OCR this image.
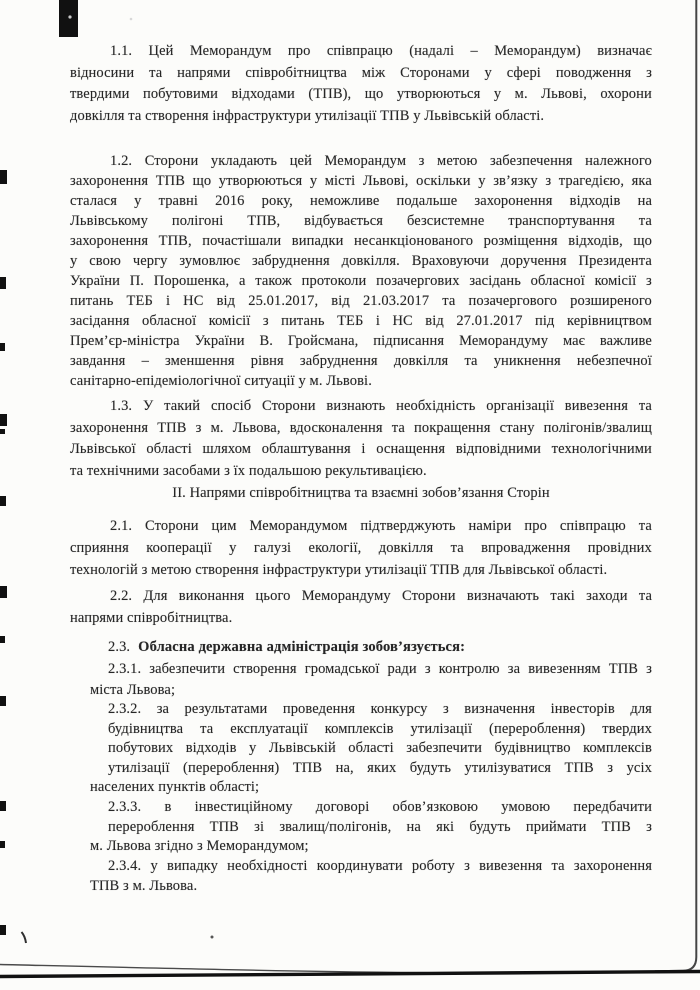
1.1. Цей Меморандум про співпрацю (надалі – Меморандум) визначає
відносини та напрями співробітництва між Сторонами у сфері поводження з
твердими побутовими відходами (ТПВ), що утворюються у м. Львові, охорони
довкілля та створення інфраструктури утилізації ТПВ у Львівській області.
1.2. Сторони укладають цей Меморандум з метою забезпечення належного
захоронення ТПВ що утворюються у місті Львові, оскільки у зв’язку з трагедією, яка
сталася у травні 2016 року, неможливе подальше захоронення відходів на
Львівському полігоні ТПВ, відбувається безсистемне транспортування та
захоронення ТПВ, почастішали випадки несанкціонованого розміщення відходів, що
у свою чергу зумовлює забруднення довкілля. Враховуючи доручення Президента
України П. Порошенка, а також протоколи позачергових засідань обласної комісії з
питань ТЕБ і НС від 25.01.2017, від 21.03.2017 та позачергового розширеного
засідання обласної комісії з питань ТЕБ і НС від 27.01.2017 під керівництвом
Прем’єр-міністра України В. Гройсмана, підписання Меморандуму має важливе
завдання – зменшення рівня забруднення довкілля та уникнення небезпечної
санітарно-епідеміологічної ситуації у м. Львові.
1.3. У такий спосіб Сторони визнають необхідність організації вивезення та
захоронення ТПВ з м. Львова, вдосконалення та покращення стану полігонів/звалищ
Львівської області шляхом облаштування і оснащення відповідними технологічними
та технічними засобами з їх подальшою рекультивацією.
ІІ. Напрями співробітництва та взаємні зобов’язання Сторін
2.1. Сторони цим Меморандумом підтверджують наміри про співпрацю та
сприяння кооперації у галузі екології, довкілля та впровадження провідних
технологій з метою створення інфраструктури утилізації ТПВ для Львівської області.
2.2. Для виконання цього Меморандуму Сторони визначають такі заходи та
напрями співробітництва.
2.3. Обласна державна адміністрація зобов’язується:
2.3.1. забезпечити створення громадської ради з контролю за вивезенням ТПВ з
міста Львова;
2.3.2. за результатами проведення конкурсу з визначення інвесторів для
будівництва та експлуатації комплексів утилізації (перероблення) твердих
побутових відходів у Львівській області забезпечити будівництво комплексів
утилізації (перероблення) ТПВ на, яких будуть утилізуватися ТПВ з усіх
населених пунктів області;
2.3.3. в інвестиційному договорі обов’язковою умовою передбачити
перероблення ТПВ зі звалищ/полігонів, на які будуть приймати ТПВ з
м. Львова згідно з Меморандумом;
2.3.4. у випадку необхідності координувати роботу з вивезення та захоронення
ТПВ з м. Львова.
